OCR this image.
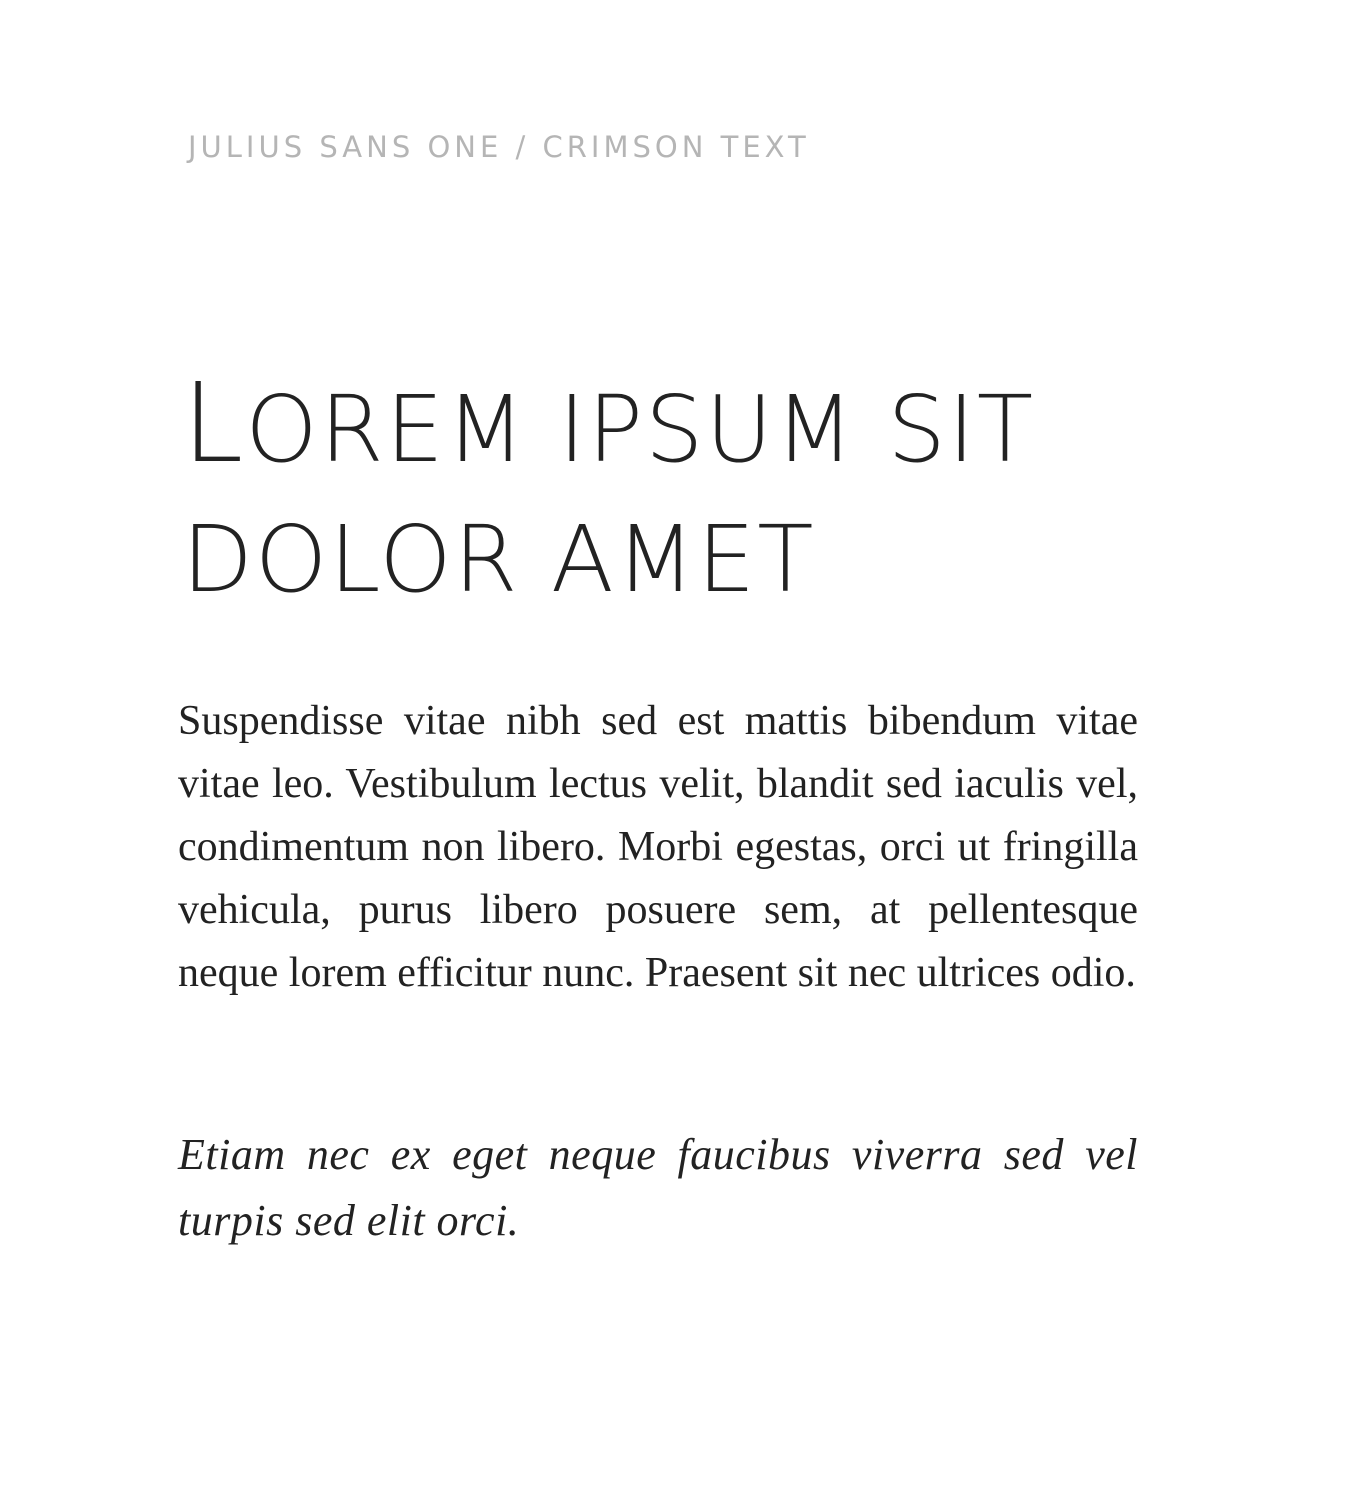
JULIUS SANS ONE / CRIMSON TEXT

LOREM IPSUM SIT DOLOR AMET

Suspendisse vitae nibh sed est mattis bibendum vitae vitae leo. Vestibulum lectus velit, blandit sed iaculis vel, condimentum non libero. Morbi egestas, orci ut fringilla vehicula, purus libero posuere sem, at pellentesque neque lorem efficitur nunc. Praesent sit nec ultrices odio.

Etiam nec ex eget neque faucibus viverra sed vel turpis sed elit orci.
